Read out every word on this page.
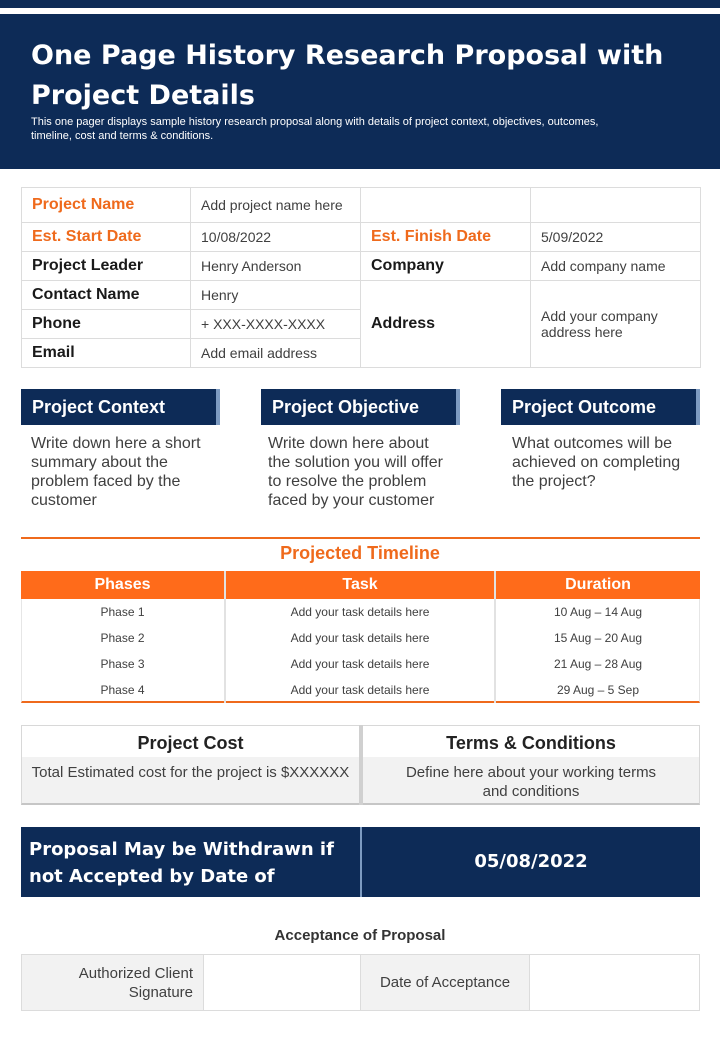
One Page History Research Proposal with Project Details
This one pager displays sample history research proposal along with details of project context, objectives, outcomes, timeline, cost and terms & conditions.
Project Name	Add project name here		
Est. Start Date	10/08/2022	Est. Finish Date	5/09/2022
Project Leader	Henry Anderson	Company	Add company name
Contact Name	Henry	Address	Add your company address here
Phone	+ XXX-XXXX-XXXX		
Email	Add email address		
Project Context
Write down here a short summary about the problem faced by the customer
Project Objective
Write down here about the solution you will offer to resolve the problem faced by your customer
Project Outcome
What outcomes will be achieved on completing the project?
Projected Timeline
Phases	Task	Duration
Phase 1	Add your task details here	10 Aug – 14 Aug
Phase 2	Add your task details here	15 Aug – 20 Aug
Phase 3	Add your task details here	21 Aug – 28 Aug
Phase 4	Add your task details here	29 Aug – 5 Sep
Project Cost
Total Estimated cost for the project is $XXXXXX
Terms & Conditions
Define here about your working terms and conditions
Proposal May be Withdrawn if not Accepted by Date of
05/08/2022
Acceptance of Proposal
Authorized Client Signature
Date of Acceptance
